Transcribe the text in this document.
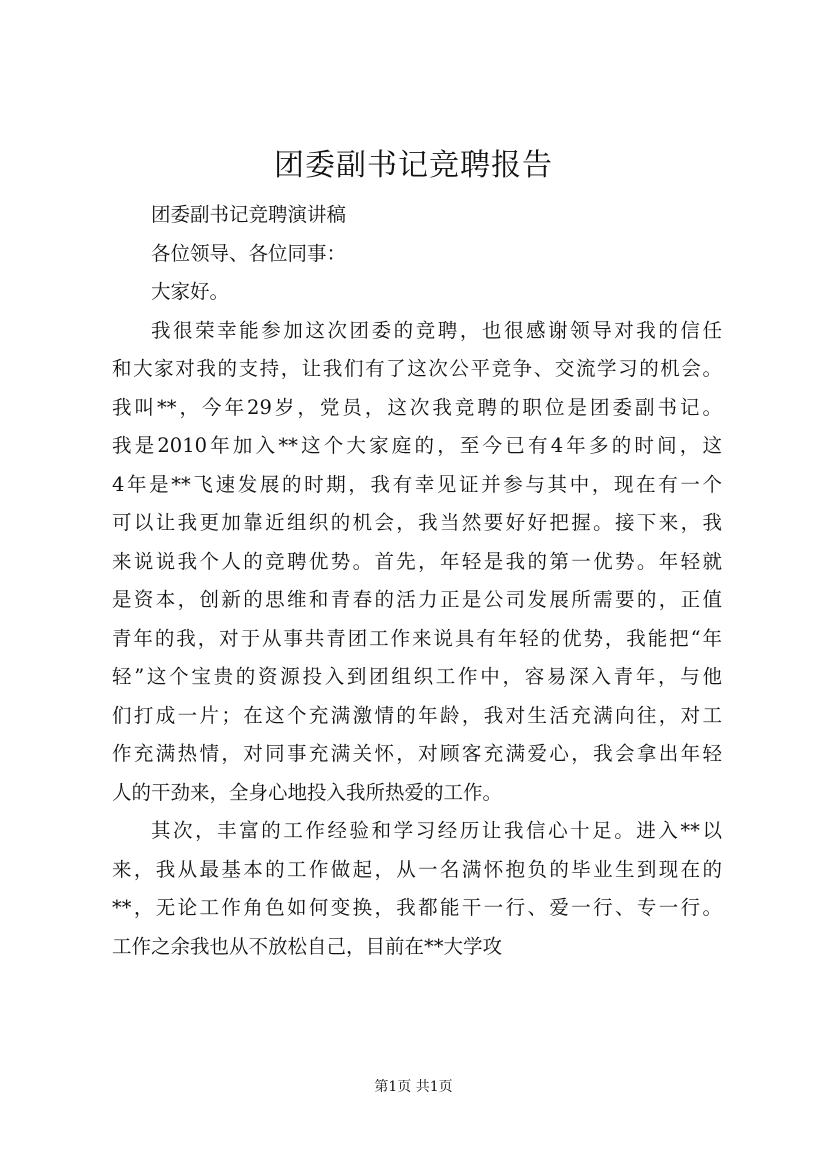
团委副书记竞聘报告
团委副书记竞聘演讲稿
各位领导、各位同事：
大家好。
我很荣幸能参加这次团委的竞聘，也很感谢领导对我的信任
和大家对我的支持，让我们有了这次公平竞争、交流学习的机会。
我叫**，今年29岁，党员，这次我竞聘的职位是团委副书记。
我是2010年加入**这个大家庭的，至今已有4年多的时间，这
4年是**飞速发展的时期，我有幸见证并参与其中，现在有一个
可以让我更加靠近组织的机会，我当然要好好把握。接下来，我
来说说我个人的竞聘优势。首先，年轻是我的第一优势。年轻就
是资本，创新的思维和青春的活力正是公司发展所需要的，正值
青年的我，对于从事共青团工作来说具有年轻的优势，我能把“年
轻”这个宝贵的资源投入到团组织工作中，容易深入青年，与他
们打成一片；在这个充满激情的年龄，我对生活充满向往，对工
作充满热情，对同事充满关怀，对顾客充满爱心，我会拿出年轻
人的干劲来，全身心地投入我所热爱的工作。
其次，丰富的工作经验和学习经历让我信心十足。进入**以
来，我从最基本的工作做起，从一名满怀抱负的毕业生到现在的
**，无论工作角色如何变换，我都能干一行、爱一行、专一行。
工作之余我也从不放松自己，目前在**大学攻
第1页 共1页
